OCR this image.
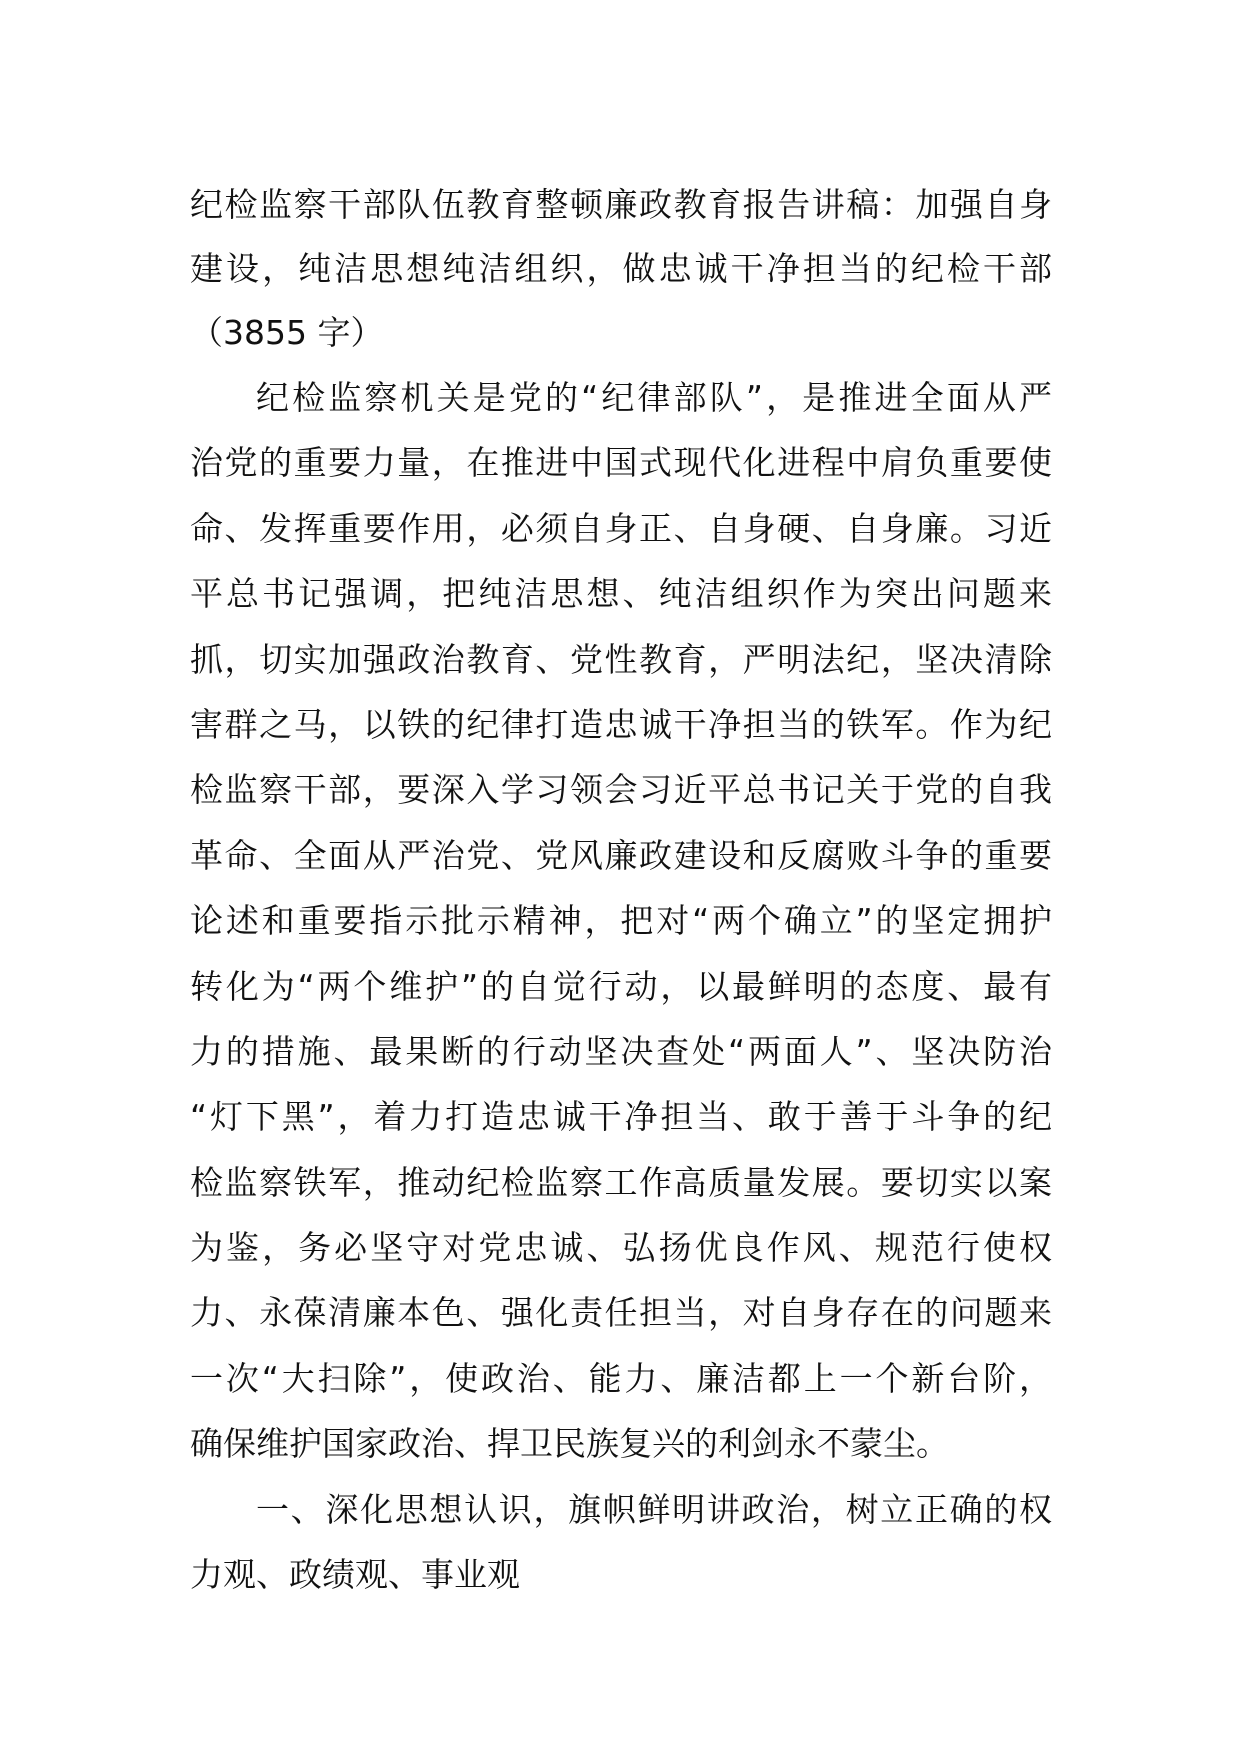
纪检监察干部队伍教育整顿廉政教育报告讲稿：加强自身
建设，纯洁思想纯洁组织，做忠诚干净担当的纪检干部
（3855 字）
纪检监察机关是党的“纪律部队”，是推进全面从严
治党的重要力量，在推进中国式现代化进程中肩负重要使
命、发挥重要作用，必须自身正、自身硬、自身廉。习近
平总书记强调，把纯洁思想、纯洁组织作为突出问题来
抓，切实加强政治教育、党性教育，严明法纪，坚决清除
害群之马，以铁的纪律打造忠诚干净担当的铁军。作为纪
检监察干部，要深入学习领会习近平总书记关于党的自我
革命、全面从严治党、党风廉政建设和反腐败斗争的重要
论述和重要指示批示精神，把对“两个确立”的坚定拥护
转化为“两个维护”的自觉行动，以最鲜明的态度、最有
力的措施、最果断的行动坚决查处“两面人”、坚决防治
“灯下黑”，着力打造忠诚干净担当、敢于善于斗争的纪
检监察铁军，推动纪检监察工作高质量发展。要切实以案
为鉴，务必坚守对党忠诚、弘扬优良作风、规范行使权
力、永葆清廉本色、强化责任担当，对自身存在的问题来
一次“大扫除”，使政治、能力、廉洁都上一个新台阶，
确保维护国家政治、捍卫民族复兴的利剑永不蒙尘。
一、深化思想认识，旗帜鲜明讲政治，树立正确的权
力观、政绩观、事业观
